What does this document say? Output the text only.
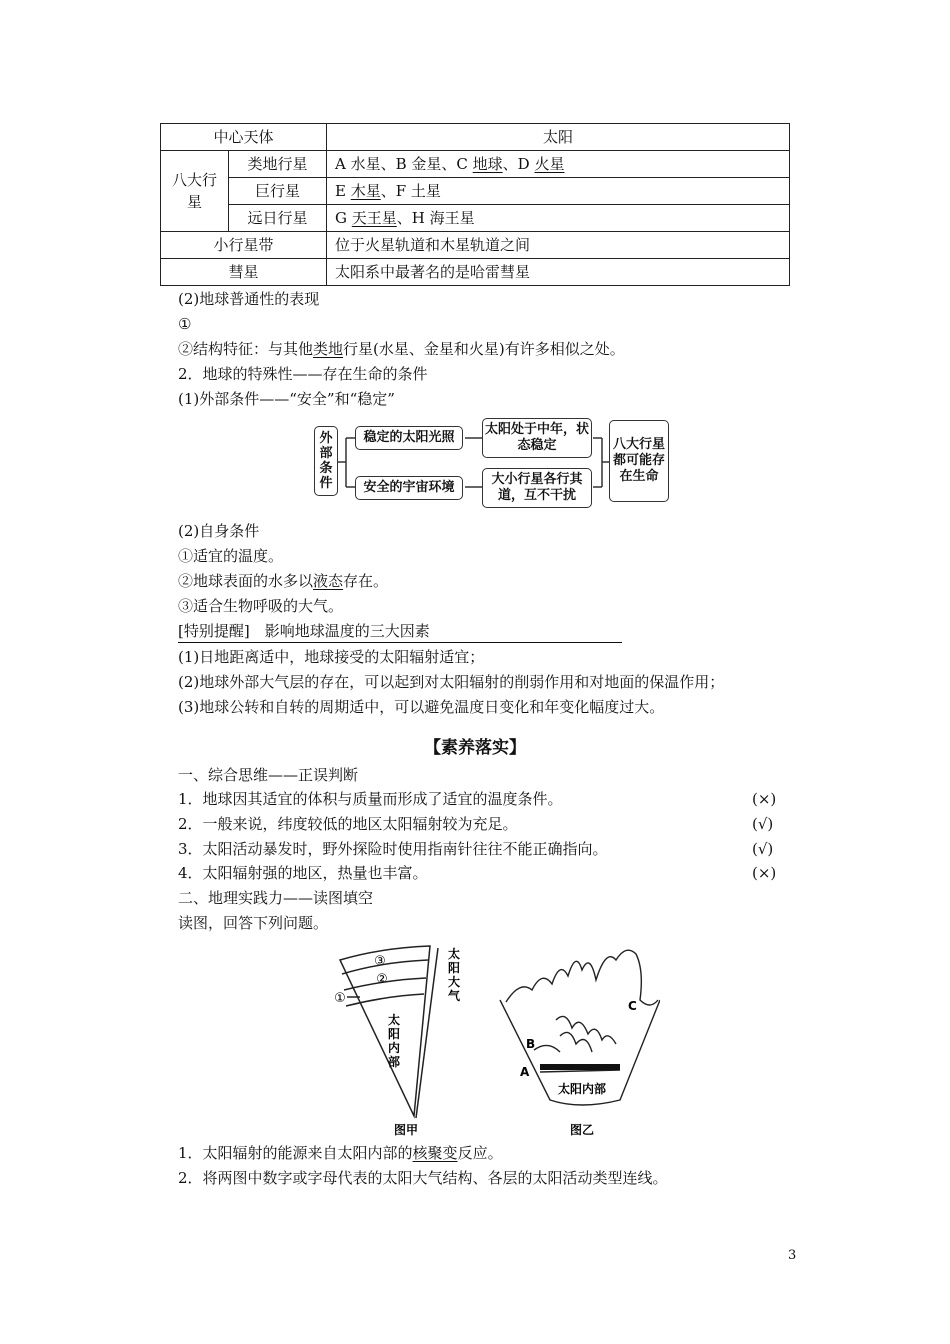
中心天体		太阳
八大行星	类地行星	A 水星、B 金星、C 地球、D 火星
	巨行星	E 木星、F 土星
	远日行星	G 天王星、H 海王星
小行星带		位于火星轨道和木星轨道之间
彗星		太阳系中最著名的是哈雷彗星
(2)地球普通性的表现
①
②结构特征：与其他类地行星(水星、金星和火星)有许多相似之处。
2．地球的特殊性——存在生命的条件
(1)外部条件——“安全”和“稳定”
外部条件
稳定的太阳光照
太阳处于中年，状态稳定
安全的宇宙环境
大小行星各行其道，互不干扰
八大行星都可能存在生命
(2)自身条件
①适宜的温度。
②地球表面的水多以液态存在。
③适合生物呼吸的大气。
[特别提醒]　影响地球温度的三大因素
(1)日地距离适中，地球接受的太阳辐射适宜；
(2)地球外部大气层的存在，可以起到对太阳辐射的削弱作用和对地面的保温作用；
(3)地球公转和自转的周期适中，可以避免温度日变化和年变化幅度过大。
【素养落实】
一、综合思维——正误判断
1．地球因其适宜的体积与质量而形成了适宜的温度条件。	(×)
2．一般来说，纬度较低的地区太阳辐射较为充足。	(√)
3．太阳活动暴发时，野外探险时使用指南针往往不能正确指向。	(√)
4．太阳辐射强的地区，热量也丰富。	(×)
二、地理实践力——读图填空
读图，回答下列问题。
③
②
①
太
阳
大
气
太
阳
内
部
图甲
C
B
A
太阳内部
图乙
1．太阳辐射的能源来自太阳内部的核聚变反应。
2．将两图中数字或字母代表的太阳大气结构、各层的太阳活动类型连线。
3
